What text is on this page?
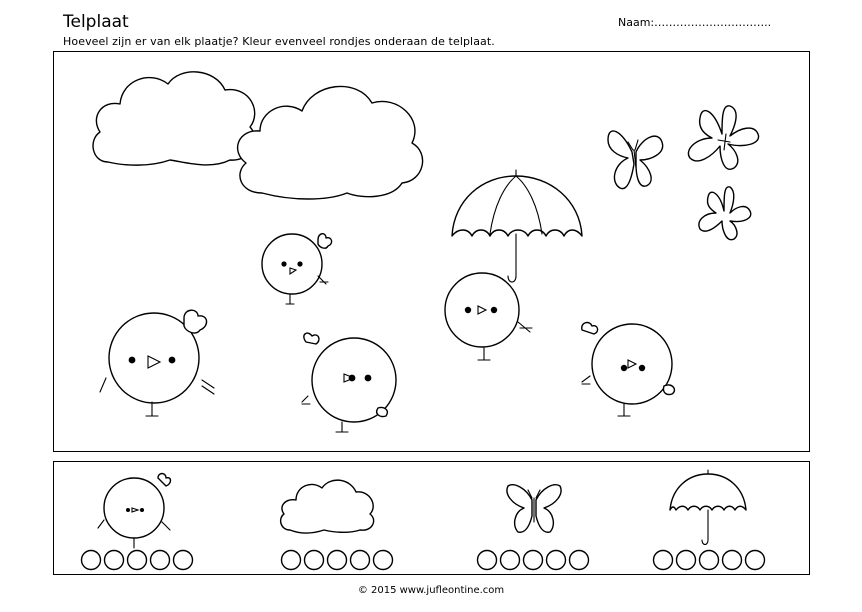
Telplaat
Hoeveel zijn er van elk plaatje? Kleur evenveel rondjes onderaan de telplaat.
Naam:…………………………..
© 2015 www.jufleontine.com
